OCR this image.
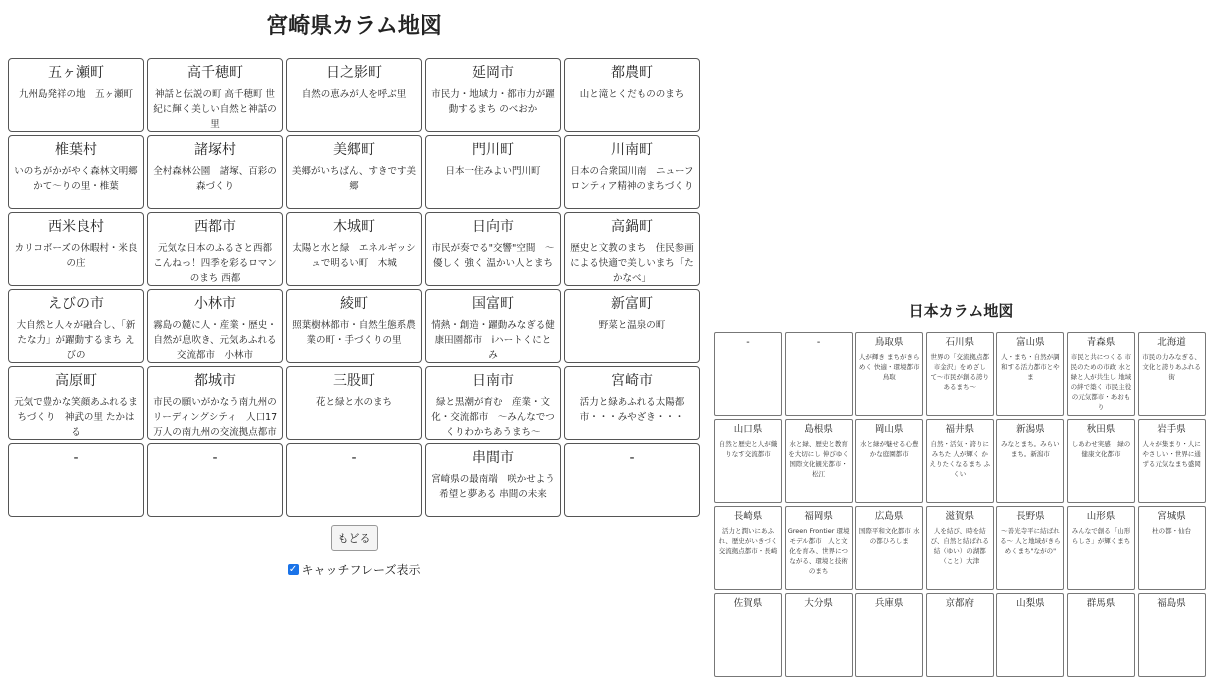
宮崎県カラム地図
五ヶ瀬町
九州島発祥の地　五ヶ瀬町
高千穂町
神話と伝説の町 高千穂町 世紀に輝く美しい自然と神話の里
日之影町
自然の恵みが人を呼ぶ里
延岡市
市民力・地域力・都市力が躍動するまち のべおか
都農町
山と滝とくだもののまち
椎葉村
いのちがかがやく森林文明郷かて〜りの里・椎葉
諸塚村
全村森林公園　諸塚、百彩の森づくり
美郷町
美郷がいちばん、すきです美郷
門川町
日本一住みよい門川町
川南町
日本の合衆国川南　ニューフロンティア精神のまちづくり
西米良村
カリコボーズの休暇村・米良の庄
西都市
元気な日本のふるさと西都 こんねっ！四季を彩るロマンのまち 西都
木城町
太陽と水と緑　エネルギッシュで明るい町　木城
日向市
市民が奏でる"交響"空間　〜優しく 強く 温かい人とまち
高鍋町
歴史と文教のまち　住民参画による快適で美しいまち「たかなべ」
えびの市
大自然と人々が融合し、「新たな力」が躍動するまち えびの
小林市
霧島の麓に人・産業・歴史・自然が息吹き、元気あふれる交流都市　小林市
綾町
照葉樹林都市・自然生態系農業の町・手づくりの里
国富町
情熱・創造・躍動みなぎる健康田園都市　iハートくにとみ
新富町
野菜と温泉の町
高原町
元気で豊かな笑顔あふれるまちづくり　神武の里 たかはる
都城市
市民の願いがかなう南九州のリーディングシティ　人口17万人の南九州の交流拠点都市
三股町
花と緑と水のまち
日南市
緑と黒潮が育む　産業・文化・交流都市　〜みんなでつくりわかちあうまち〜
宮崎市
活力と緑あふれる太陽都市・・・みやざき・・・
-	-	-	串間市
宮崎県の最南端　咲かせよう希望と夢ある 串間の未来
-
もどる
✓ キャッチフレーズ表示
日本カラム地図
-	-	鳥取県
人が輝き まちがきらめく 快適・環境都市 鳥取
石川県
世界の「交流拠点都市金沢」をめざして〜市民が創る誇りあるまち〜
富山県
人・まち・自然が調和する活力都市とやま
青森県
市民と共につくる 市民のための市政 水と緑と人が共生し 地域の絆で築く 市民主役の元気都市・あおもり
北海道
市民の力みなぎる、文化と誇りあふれる街
山口県
自然と歴史と人が織りなす交流都市
島根県
水と緑、歴史と教育を大切にし 伸びゆく国際文化観光都市・松江
岡山県
水と緑が魅せる心豊かな庭園都市
福井県
自然・活気・誇りにみちた 人が輝く かえりたくなるまち ふくい
新潟県
みなとまち。みらいまち。新潟市
秋田県
しあわせ実感　緑の健康文化都市
岩手県
人々が集まり・人にやさしい・世界に通ずる元気なまち盛岡
長崎県
活力と潤いにあふれ、歴史がいきづく交流拠点都市・長崎
福岡県
Green Frontier 環境モデル都市　人と文化を育み、世界につながる、環境と技術のまち
広島県
国際平和文化都市 水の都ひろしま
滋賀県
人を結び、時を結び、自然と結ばれる結（ゆい）の湖都（こと）大津
長野県
〜善光寺平に結ばれる〜 人と地域がきらめくまち"ながの"
山形県
みんなで創る「山形らしさ」が輝くまち
宮城県
杜の都・仙台
佐賀県	大分県	兵庫県	京都府	山梨県	群馬県	福島県
